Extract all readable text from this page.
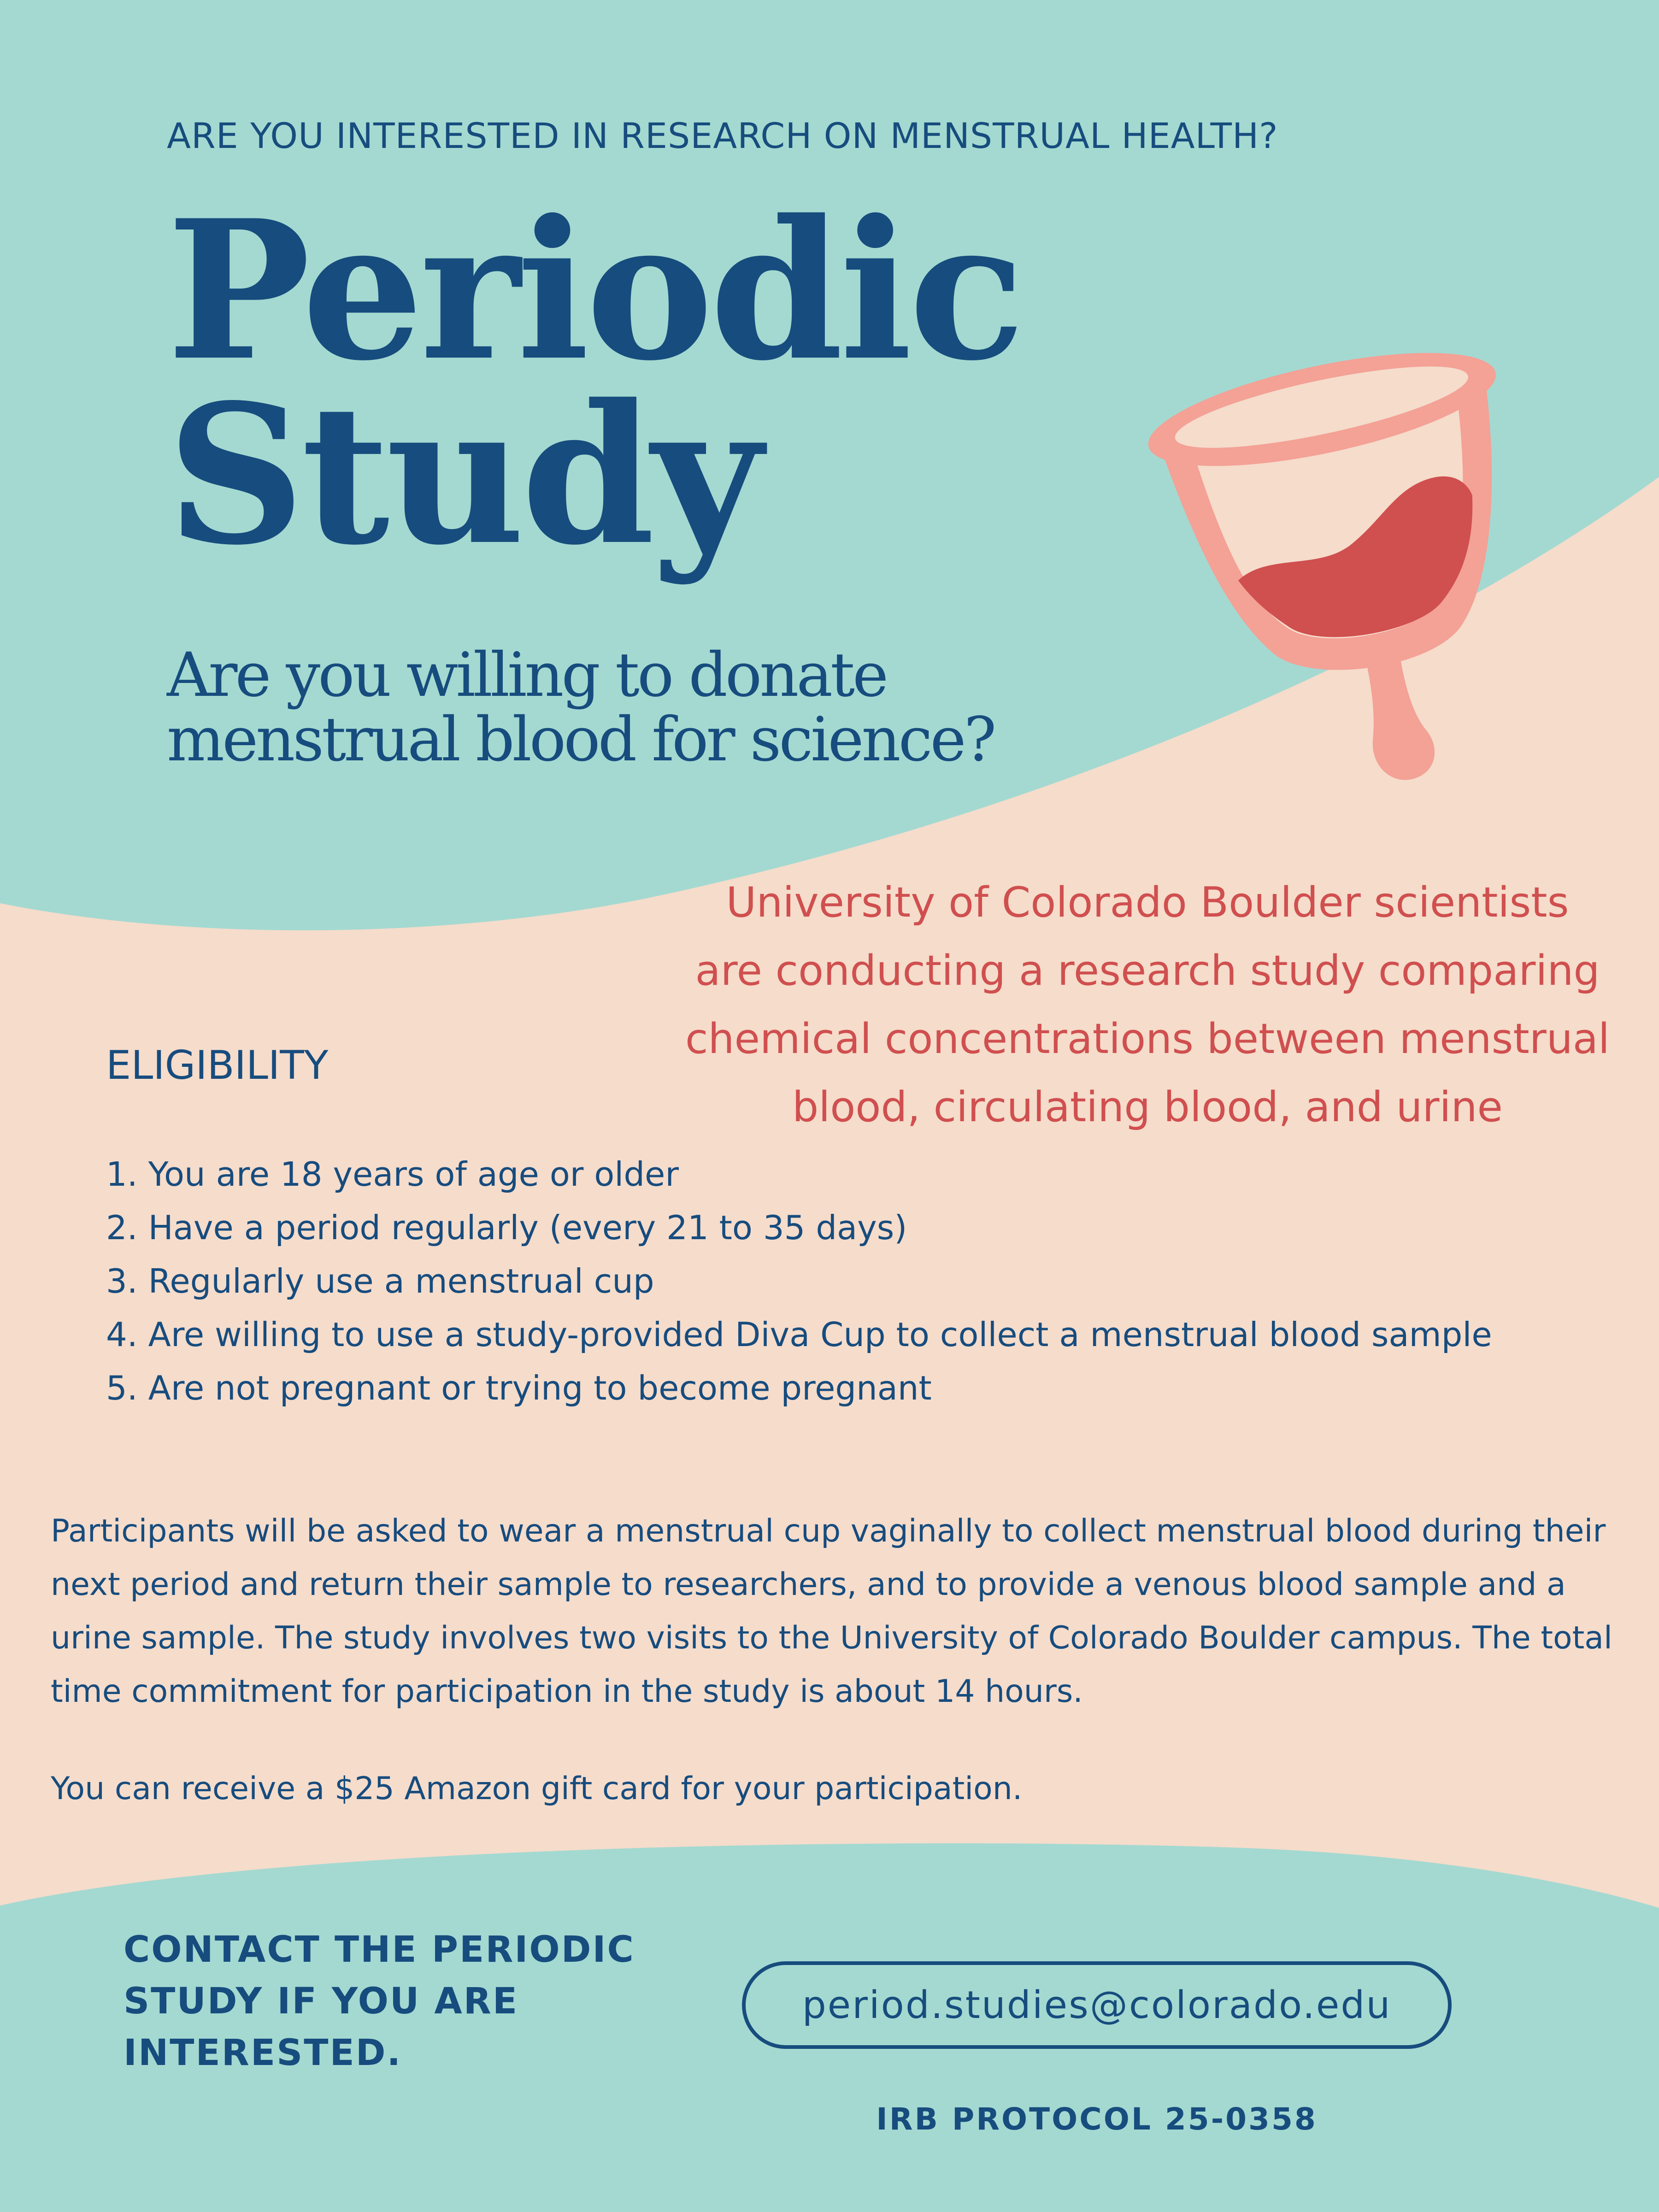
ARE YOU INTERESTED IN RESEARCH ON MENSTRUAL HEALTH?
Periodic
Study
Are you willing to donate
menstrual blood for science?
University of Colorado Boulder scientists
are conducting a research study comparing
chemical concentrations between menstrual
blood, circulating blood, and urine
ELIGIBILITY
1. You are 18 years of age or older
2. Have a period regularly (every 21 to 35 days)
3. Regularly use a menstrual cup
4. Are willing to use a study-provided Diva Cup to collect a menstrual blood sample
5. Are not pregnant or trying to become pregnant

Participants will be asked to wear a menstrual cup vaginally to collect menstrual blood during their next period and return their sample to researchers, and to provide a venous blood sample and a urine sample. The study involves two visits to the University of Colorado Boulder campus. The total time commitment for participation in the study is about 14 hours.

You can receive a $25 Amazon gift card for your participation.
CONTACT THE PERIODIC
STUDY IF YOU ARE
INTERESTED.
period.studies@colorado.edu
IRB PROTOCOL 25-0358
